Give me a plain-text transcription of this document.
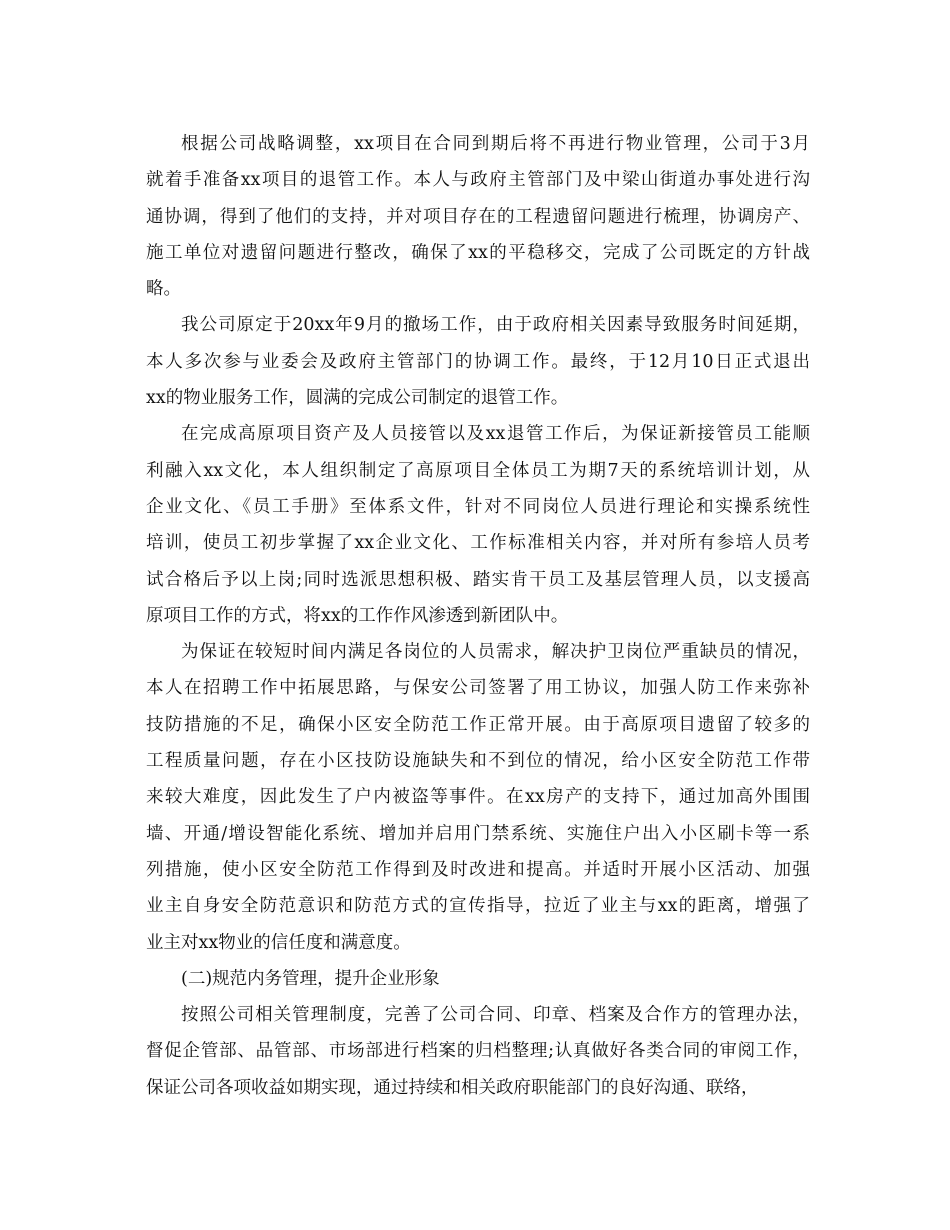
根据公司战略调整，xx项目在合同到期后将不再进行物业管理，公司于3月
就着手准备xx项目的退管工作。本人与政府主管部门及中梁山街道办事处进行沟
通协调，得到了他们的支持，并对项目存在的工程遗留问题进行梳理，协调房产、
施工单位对遗留问题进行整改，确保了xx的平稳移交，完成了公司既定的方针战
略。
我公司原定于20xx年9月的撤场工作，由于政府相关因素导致服务时间延期，
本人多次参与业委会及政府主管部门的协调工作。最终，于12月10日正式退出
xx的物业服务工作，圆满的完成公司制定的退管工作。
在完成高原项目资产及人员接管以及xx退管工作后，为保证新接管员工能顺
利融入xx文化，本人组织制定了高原项目全体员工为期7天的系统培训计划，从
企业文化、《员工手册》至体系文件，针对不同岗位人员进行理论和实操系统性
培训，使员工初步掌握了xx企业文化、工作标准相关内容，并对所有参培人员考
试合格后予以上岗;同时选派思想积极、踏实肯干员工及基层管理人员，以支援高
原项目工作的方式，将xx的工作作风渗透到新团队中。
为保证在较短时间内满足各岗位的人员需求，解决护卫岗位严重缺员的情况，
本人在招聘工作中拓展思路，与保安公司签署了用工协议，加强人防工作来弥补
技防措施的不足，确保小区安全防范工作正常开展。由于高原项目遗留了较多的
工程质量问题，存在小区技防设施缺失和不到位的情况，给小区安全防范工作带
来较大难度，因此发生了户内被盗等事件。在xx房产的支持下，通过加高外围围
墙、开通/增设智能化系统、增加并启用门禁系统、实施住户出入小区刷卡等一系
列措施，使小区安全防范工作得到及时改进和提高。并适时开展小区活动、加强
业主自身安全防范意识和防范方式的宣传指导，拉近了业主与xx的距离，增强了
业主对xx物业的信任度和满意度。
(二)规范内务管理，提升企业形象
按照公司相关管理制度，完善了公司合同、印章、档案及合作方的管理办法，
督促企管部、品管部、市场部进行档案的归档整理;认真做好各类合同的审阅工作，
保证公司各项收益如期实现，通过持续和相关政府职能部门的良好沟通、联络，
